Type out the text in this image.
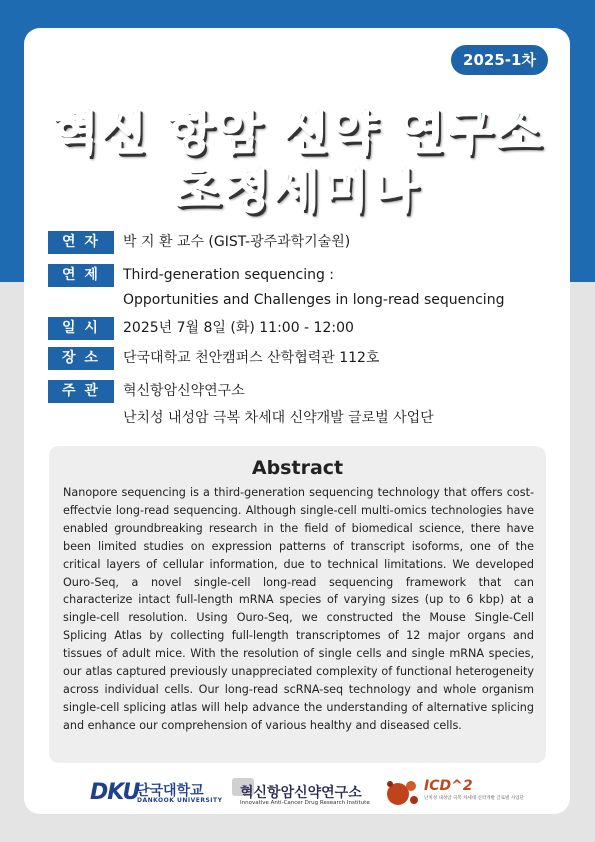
2025-1차
혁신 항암 신약 연구소
초청세미나
연 자	박 지 환 교수 (GIST-광주과학기술원)
연 제	Third-generation sequencing :
Opportunities and Challenges in long-read sequencing
일 시	2025년 7월 8일 (화) 11:00 - 12:00
장 소	단국대학교 천안캠퍼스 산학협력관 112호
주 관	혁신항암신약연구소
난치성 내성암 극복 차세대 신약개발 글로벌 사업단
Abstract
Nanopore sequencing is a third-generation sequencing technology that offers cost-effectvie long-read sequencing. Although single-cell multi-omics technologies have enabled groundbreaking research in the field of biomedical science, there have been limited studies on expression patterns of transcript isoforms, one of the critical layers of cellular information, due to technical limitations. We developed Ouro-Seq, a novel single-cell long-read sequencing framework that can characterize intact full-length mRNA species of varying sizes (up to 6 kbp) at a single-cell resolution. Using Ouro-Seq, we constructed the Mouse Single-Cell Splicing Atlas by collecting full-length transcriptomes of 12 major organs and tissues of adult mice. With the resolution of single cells and single mRNA species, our atlas captured previously unappreciated complexity of functional heterogeneity across individual cells. Our long-read scRNA-seq technology and whole organism single-cell splicing atlas will help advance the understanding of alternative splicing and enhance our comprehension of various healthy and diseased cells.
DKU
단국대학교
DANKOOK UNIVERSITY 혁신항암신약연구소
Innovative Anti-Cancer Drug Research Institute
ICD^2
난치성 내성암 극복 차세대 신약개발 글로벌 사업단
